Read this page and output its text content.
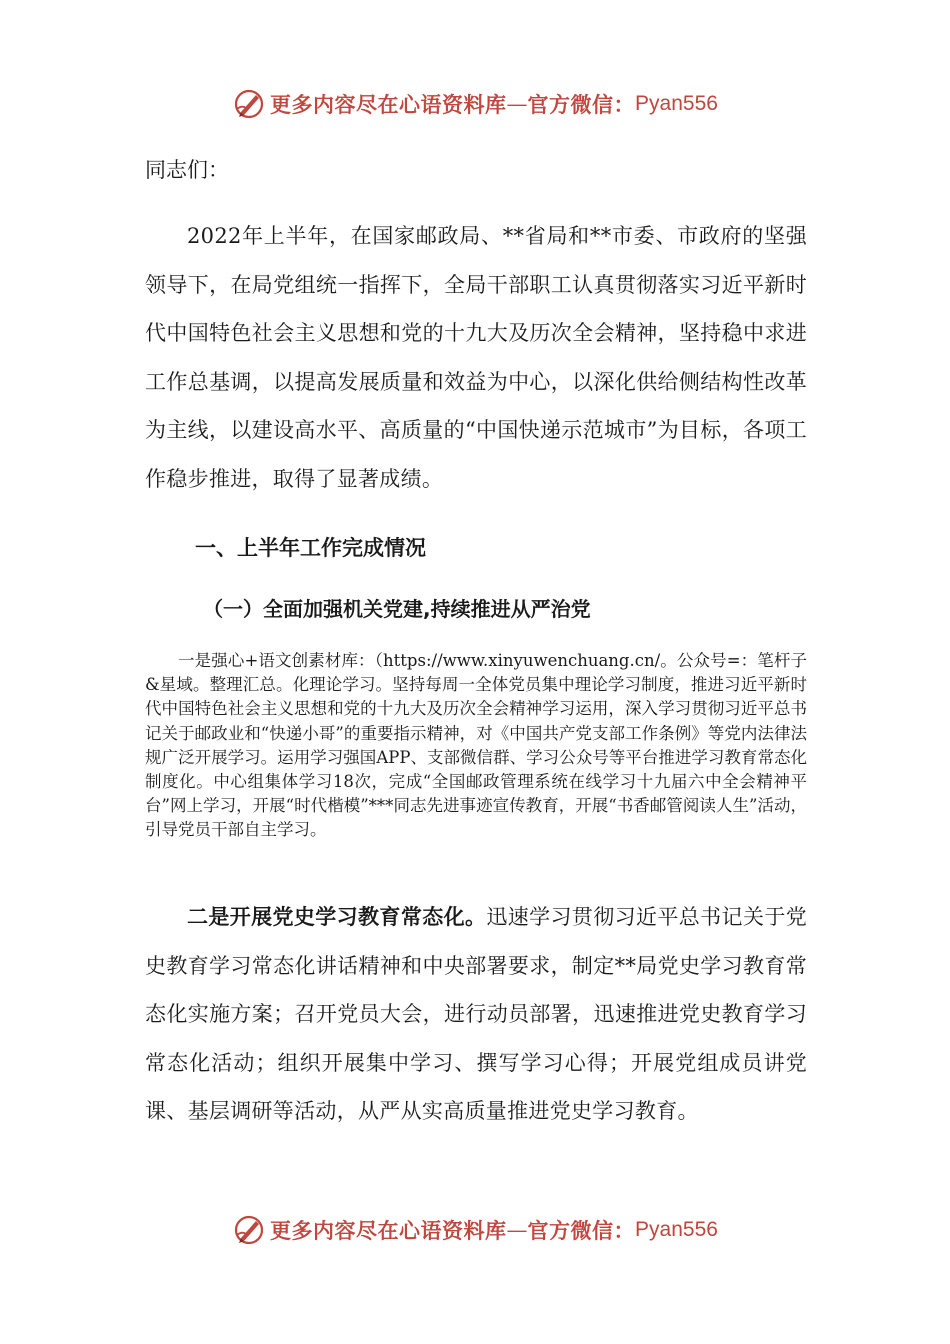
更多内容尽在心语资料库 — 官方微信： Pyan556
同志们：
2022年上半年，在国家邮政局、**省局和**市委、市政府的坚强领导下，在局党组统一指挥下，全局干部职工认真贯彻落实习近平新时代中国特色社会主义思想和党的十九大及历次全会精神，坚持稳中求进工作总基调，以提高发展质量和效益为中心，以深化供给侧结构性改革为主线，以建设高水平、高质量的“中国快递示范城市”为目标，各项工作稳步推进，取得了显著成绩。
一、上半年工作完成情况
（一）全面加强机关党建,持续推进从严治党
一是强心+语文创素材库：（https://www.xinyuwenchuang.cn/。公众号=：笔杆子&星域。整理汇总。化理论学习。坚持每周一全体党员集中理论学习制度，推进习近平新时代中国特色社会主义思想和党的十九大及历次全会精神学习运用，深入学习贯彻习近平总书记关于邮政业和“快递小哥”的重要指示精神，对《中国共产党支部工作条例》等党内法律法规广泛开展学习。运用学习强国APP、支部微信群、学习公众号等平台推进学习教育常态化制度化。中心组集体学习18次，完成“全国邮政管理系统在线学习十九届六中全会精神平台”网上学习，开展“时代楷模”***同志先进事迹宣传教育，开展“书香邮管阅读人生”活动，引导党员干部自主学习。
二是开展党史学习教育常态化。迅速学习贯彻习近平总书记关于党史教育学习常态化讲话精神和中央部署要求，制定**局党史学习教育常态化实施方案；召开党员大会，进行动员部署，迅速推进党史教育学习常态化活动；组织开展集中学习、撰写学习心得；开展党组成员讲党课、基层调研等活动，从严从实高质量推进党史学习教育。
更多内容尽在心语资料库 — 官方微信： Pyan556
